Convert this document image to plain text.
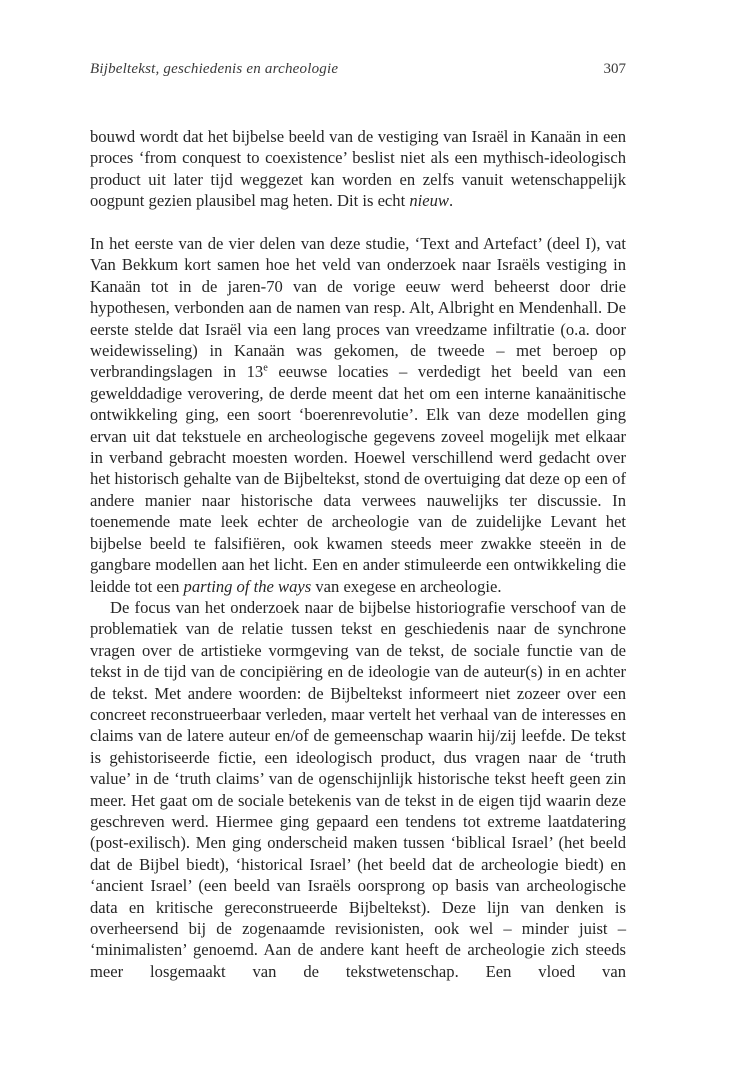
Bijbeltekst, geschiedenis en archeologie	307

bouwd wordt dat het bijbelse beeld van de vestiging van Israël in Kanaän in een proces ‘from conquest to coexistence’ beslist niet als een mythisch-ideologisch product uit later tijd weggezet kan worden en zelfs vanuit wetenschappelijk oogpunt gezien plausibel mag heten. Dit is echt nieuw.

In het eerste van de vier delen van deze studie, ‘Text and Artefact’ (deel I), vat Van Bekkum kort samen hoe het veld van onderzoek naar Israëls vestiging in Kanaän tot in de jaren-70 van de vorige eeuw werd beheerst door drie hypothesen, verbonden aan de namen van resp. Alt, Albright en Mendenhall. De eerste stelde dat Israël via een lang proces van vreedzame infiltratie (o.a. door weidewisseling) in Kanaän was gekomen, de tweede – met beroep op verbrandingslagen in 13e eeuwse locaties – verdedigt het beeld van een gewelddadige verovering, de derde meent dat het om een interne kanaänitische ontwikkeling ging, een soort ‘boerenrevolutie’. Elk van deze modellen ging ervan uit dat tekstuele en archeologische gegevens zoveel mogelijk met elkaar in verband gebracht moesten worden. Hoewel verschillend werd gedacht over het historisch gehalte van de Bijbeltekst, stond de overtuiging dat deze op een of andere manier naar historische data verwees nauwelijks ter discussie. In toenemende mate leek echter de archeologie van de zuidelijke Levant het bijbelse beeld te falsifiëren, ook kwamen steeds meer zwakke steeën in de gangbare modellen aan het licht. Een en ander stimuleerde een ontwikkeling die leidde tot een parting of the ways van exegese en archeologie.

De focus van het onderzoek naar de bijbelse historiografie verschoof van de problematiek van de relatie tussen tekst en geschiedenis naar de synchrone vragen over de artistieke vormgeving van de tekst, de sociale functie van de tekst in de tijd van de concipiëring en de ideologie van de auteur(s) in en achter de tekst. Met andere woorden: de Bijbeltekst informeert niet zozeer over een concreet reconstrueerbaar verleden, maar vertelt het verhaal van de interesses en claims van de latere auteur en/of de gemeenschap waarin hij/zij leefde. De tekst is gehistoriseerde fictie, een ideologisch product, dus vragen naar de ‘truth value’ in de ‘truth claims’ van de ogenschijnlijk historische tekst heeft geen zin meer. Het gaat om de sociale betekenis van de tekst in de eigen tijd waarin deze geschreven werd. Hiermee ging gepaard een tendens tot extreme laatdatering (post-exilisch). Men ging onderscheid maken tussen ‘biblical Israel’ (het beeld dat de Bijbel biedt), ‘historical Israel’ (het beeld dat de archeologie biedt) en ‘ancient Israel’ (een beeld van Israëls oorsprong op basis van archeologische data en kritische gereconstrueerde Bijbeltekst). Deze lijn van denken is overheersend bij de zogenaamde revisionisten, ook wel – minder juist – ‘minimalisten’ genoemd. Aan de andere kant heeft de archeologie zich steeds meer losgemaakt van de tekstwetenschap. Een vloed van
